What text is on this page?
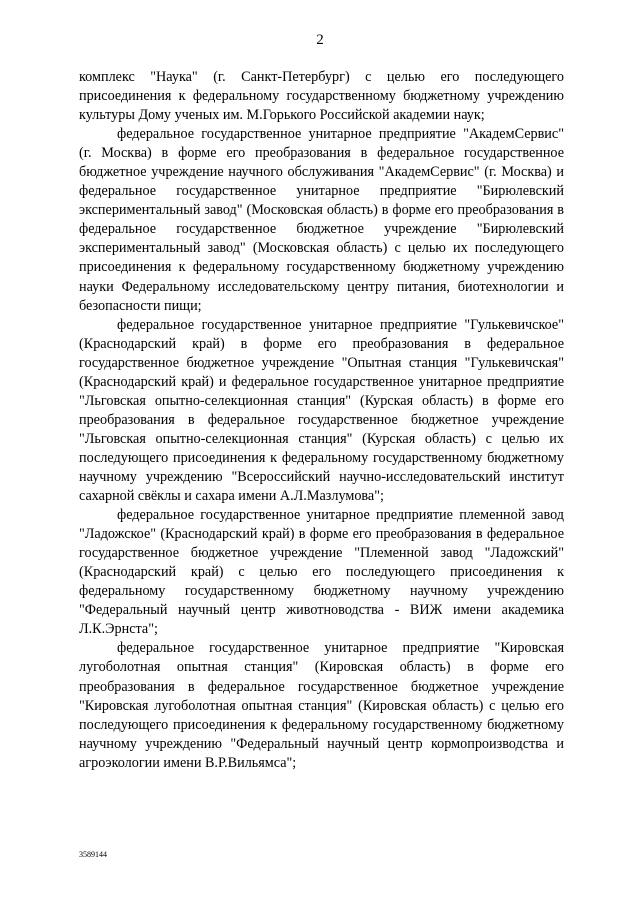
2

комплекс "Наука" (г. Санкт-Петербург) с целью его последующего присоединения к федеральному государственному бюджетному учреждению культуры Дому ученых им. М.Горького Российской академии наук;

федеральное государственное унитарное предприятие "АкадемСервис" (г. Москва) в форме его преобразования в федеральное государственное бюджетное учреждение научного обслуживания "АкадемСервис" (г. Москва) и федеральное государственное унитарное предприятие "Бирюлевский экспериментальный завод" (Московская область) в форме его преобразования в федеральное государственное бюджетное учреждение "Бирюлевский экспериментальный завод" (Московская область) с целью их последующего присоединения к федеральному государственному бюджетному учреждению науки Федеральному исследовательскому центру питания, биотехнологии и безопасности пищи;

федеральное государственное унитарное предприятие "Гулькевичское" (Краснодарский край) в форме его преобразования в федеральное государственное бюджетное учреждение "Опытная станция "Гулькевичская" (Краснодарский край) и федеральное государственное унитарное предприятие "Льговская опытно-селекционная станция" (Курская область) в форме его преобразования в федеральное государственное бюджетное учреждение "Льговская опытно-селекционная станция" (Курская область) с целью их последующего присоединения к федеральному государственному бюджетному научному учреждению "Всероссийский научно-исследовательский институт сахарной свёклы и сахара имени А.Л.Мазлумова";

федеральное государственное унитарное предприятие племенной завод "Ладожское" (Краснодарский край) в форме его преобразования в федеральное государственное бюджетное учреждение "Племенной завод "Ладожский" (Краснодарский край) с целью его последующего присоединения к федеральному государственному бюджетному научному учреждению "Федеральный научный центр животноводства - ВИЖ имени академика Л.К.Эрнста";

федеральное государственное унитарное предприятие "Кировская лугоболотная опытная станция" (Кировская область) в форме его преобразования в федеральное государственное бюджетное учреждение "Кировская лугоболотная опытная станция" (Кировская область) с целью его последующего присоединения к федеральному государственному бюджетному научному учреждению "Федеральный научный центр кормопроизводства и агроэкологии имени В.Р.Вильямса";

3589144
